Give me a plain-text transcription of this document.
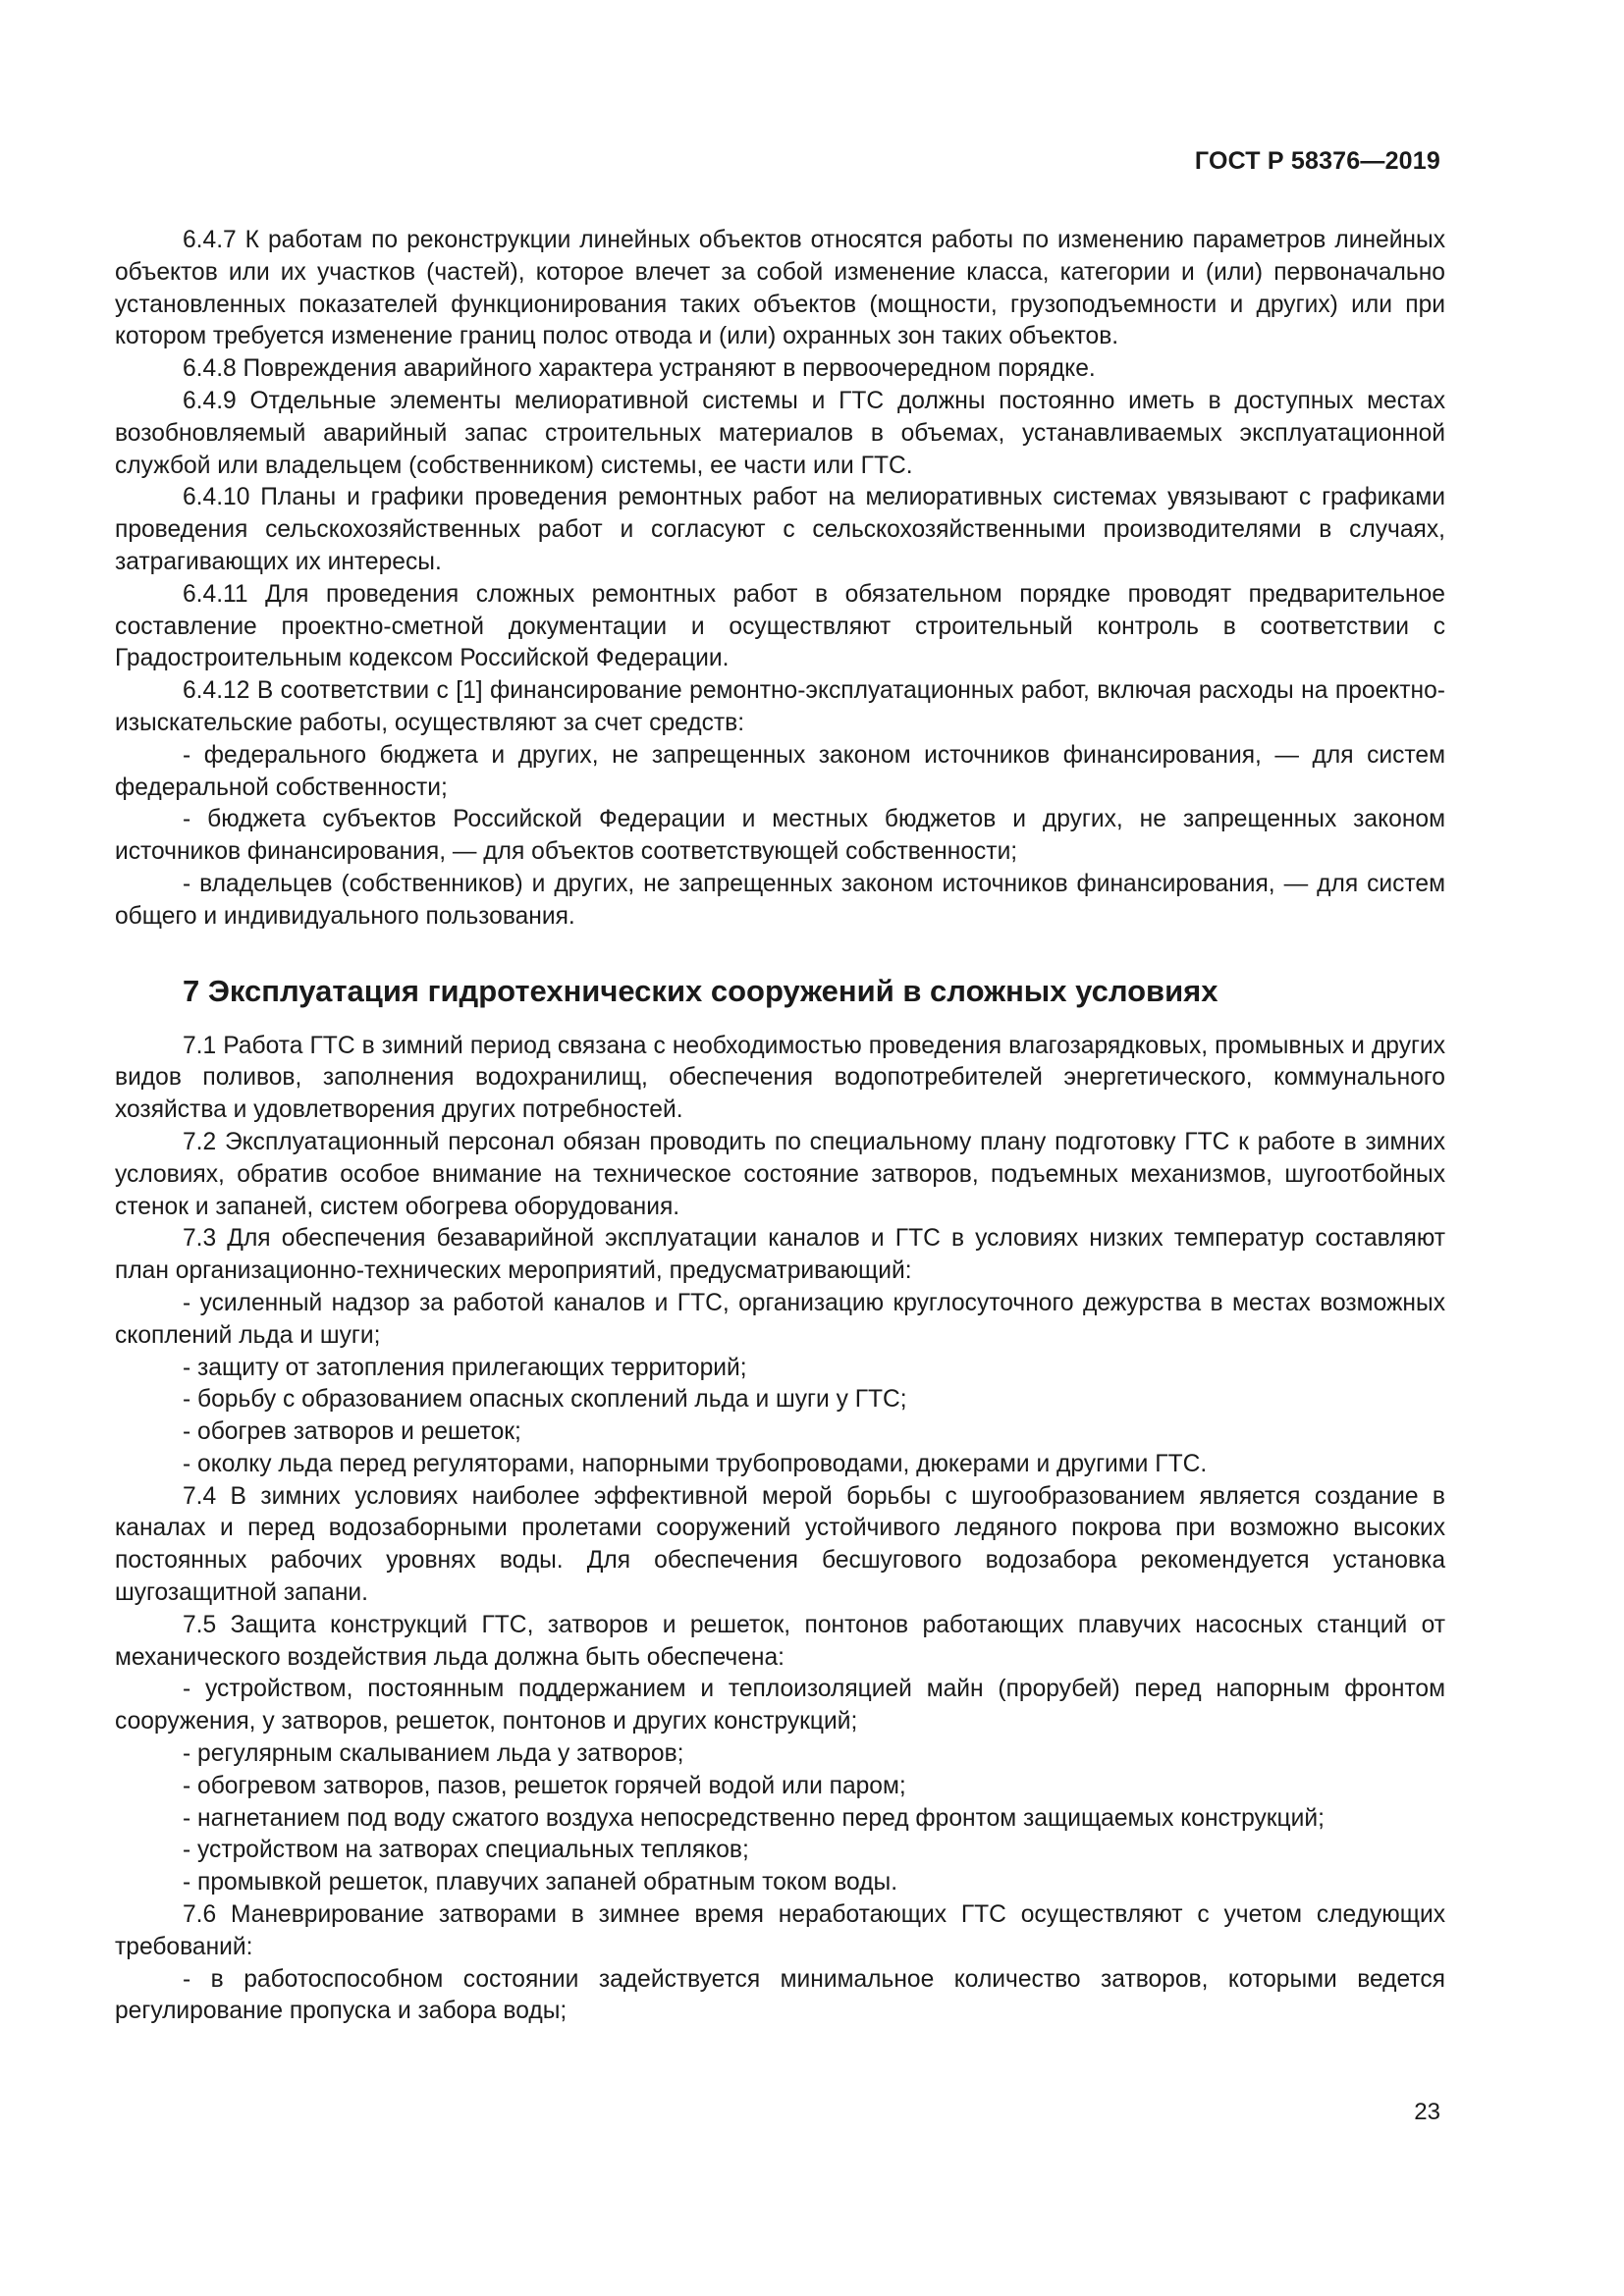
ГОСТ Р 58376—2019

6.4.7 К работам по реконструкции линейных объектов относятся работы по изменению параметров линейных объектов или их участков (частей), которое влечет за собой изменение класса, категории и (или) первоначально установленных показателей функционирования таких объектов (мощности, грузоподъемности и других) или при котором требуется изменение границ полос отвода и (или) охранных зон таких объектов.

6.4.8 Повреждения аварийного характера устраняют в первоочередном порядке.

6.4.9 Отдельные элементы мелиоративной системы и ГТС должны постоянно иметь в доступных местах возобновляемый аварийный запас строительных материалов в объемах, устанавливаемых эксплуатационной службой или владельцем (собственником) системы, ее части или ГТС.

6.4.10 Планы и графики проведения ремонтных работ на мелиоративных системах увязывают с графиками проведения сельскохозяйственных работ и согласуют с сельскохозяйственными производителями в случаях, затрагивающих их интересы.

6.4.11 Для проведения сложных ремонтных работ в обязательном порядке проводят предварительное составление проектно-сметной документации и осуществляют строительный контроль в соответствии с Градостроительным кодексом Российской Федерации.

6.4.12 В соответствии с [1] финансирование ремонтно-эксплуатационных работ, включая расходы на проектно-изыскательские работы, осуществляют за счет средств:

- федерального бюджета и других, не запрещенных законом источников финансирования, — для систем федеральной собственности;

- бюджета субъектов Российской Федерации и местных бюджетов и других, не запрещенных законом источников финансирования, — для объектов соответствующей собственности;

- владельцев (собственников) и других, не запрещенных законом источников финансирования, — для систем общего и индивидуального пользования.

7 Эксплуатация гидротехнических сооружений в сложных условиях

7.1 Работа ГТС в зимний период связана с необходимостью проведения влагозарядковых, промывных и других видов поливов, заполнения водохранилищ, обеспечения водопотребителей энергетического, коммунального хозяйства и удовлетворения других потребностей.

7.2 Эксплуатационный персонал обязан проводить по специальному плану подготовку ГТС к работе в зимних условиях, обратив особое внимание на техническое состояние затворов, подъемных механизмов, шугоотбойных стенок и запаней, систем обогрева оборудования.

7.3 Для обеспечения безаварийной эксплуатации каналов и ГТС в условиях низких температур составляют план организационно-технических мероприятий, предусматривающий:

- усиленный надзор за работой каналов и ГТС, организацию круглосуточного дежурства в местах возможных скоплений льда и шуги;

- защиту от затопления прилегающих территорий;

- борьбу с образованием опасных скоплений льда и шуги у ГТС;

- обогрев затворов и решеток;

- околку льда перед регуляторами, напорными трубопроводами, дюкерами и другими ГТС.

7.4 В зимних условиях наиболее эффективной мерой борьбы с шугообразованием является создание в каналах и перед водозаборными пролетами сооружений устойчивого ледяного покрова при возможно высоких постоянных рабочих уровнях воды. Для обеспечения бесшугового водозабора рекомендуется установка шугозащитной запани.

7.5 Защита конструкций ГТС, затворов и решеток, понтонов работающих плавучих насосных станций от механического воздействия льда должна быть обеспечена:

- устройством, постоянным поддержанием и теплоизоляцией майн (прорубей) перед напорным фронтом сооружения, у затворов, решеток, понтонов и других конструкций;

- регулярным скалыванием льда у затворов;

- обогревом затворов, пазов, решеток горячей водой или паром;

- нагнетанием под воду сжатого воздуха непосредственно перед фронтом защищаемых конструкций;

- устройством на затворах специальных тепляков;

- промывкой решеток, плавучих запаней обратным током воды.

7.6 Маневрирование затворами в зимнее время неработающих ГТС осуществляют с учетом следующих требований:

- в работоспособном состоянии задействуется минимальное количество затворов, которыми ведется регулирование пропуска и забора воды;

23
